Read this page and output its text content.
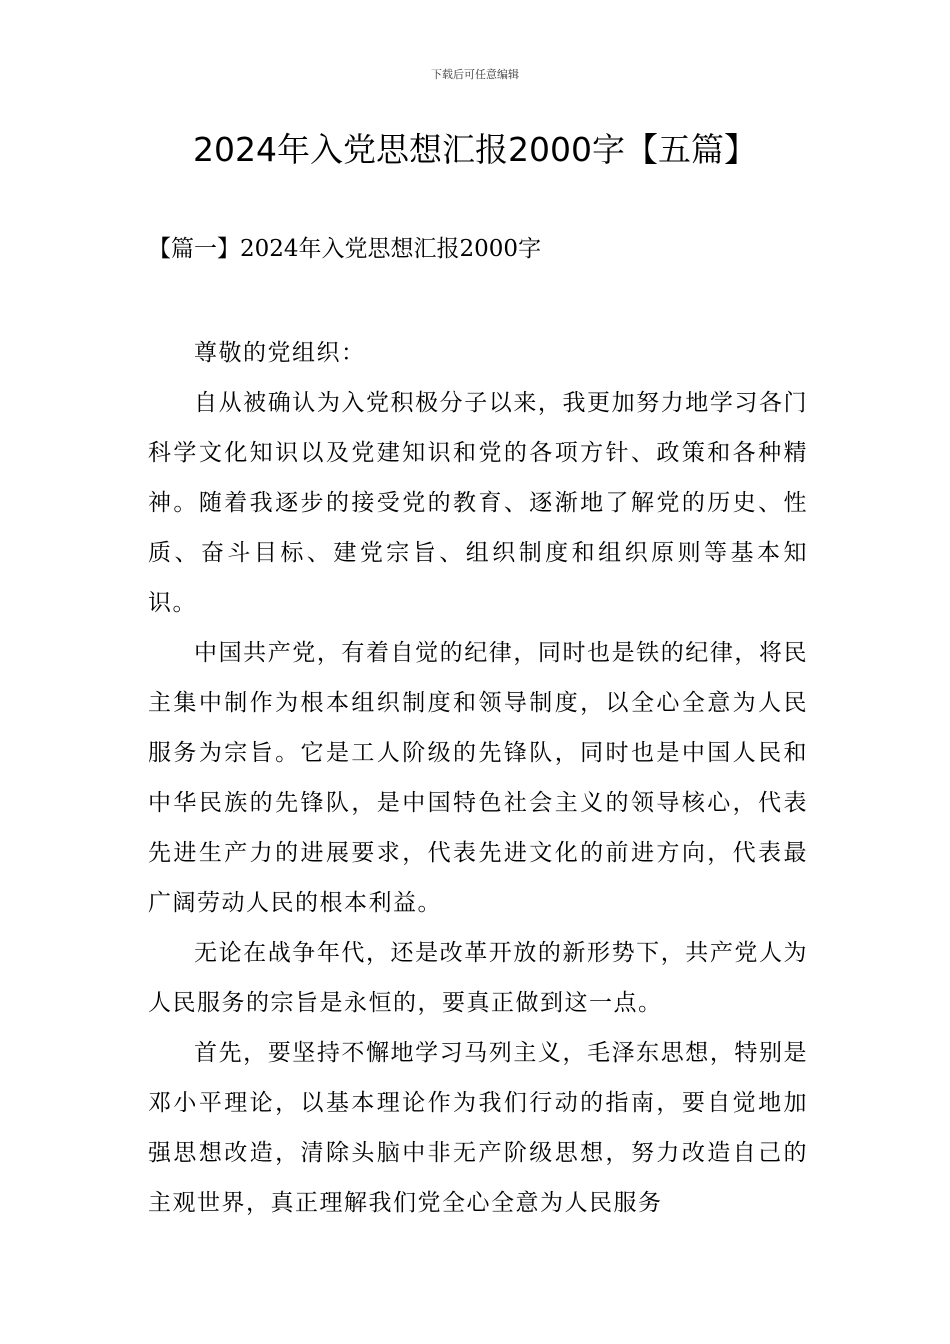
下载后可任意编辑
2024年入党思想汇报2000字【五篇】
【篇一】2024年入党思想汇报2000字

尊敬的党组织：

自从被确认为入党积极分子以来，我更加努力地学习各门科学文化知识以及党建知识和党的各项方针、政策和各种精神。随着我逐步的接受党的教育、逐渐地了解党的历史、性质、奋斗目标、建党宗旨、组织制度和组织原则等基本知识。

中国共产党，有着自觉的纪律，同时也是铁的纪律，将民主集中制作为根本组织制度和领导制度，以全心全意为人民服务为宗旨。它是工人阶级的先锋队，同时也是中国人民和中华民族的先锋队，是中国特色社会主义的领导核心，代表先进生产力的进展要求，代表先进文化的前进方向，代表最广阔劳动人民的根本利益。

无论在战争年代，还是改革开放的新形势下，共产党人为人民服务的宗旨是永恒的，要真正做到这一点。

首先，要坚持不懈地学习马列主义，毛泽东思想，特别是邓小平理论，以基本理论作为我们行动的指南，要自觉地加强思想改造，清除头脑中非无产阶级思想，努力改造自己的主观世界，真正理解我们党全心全意为人民服务
